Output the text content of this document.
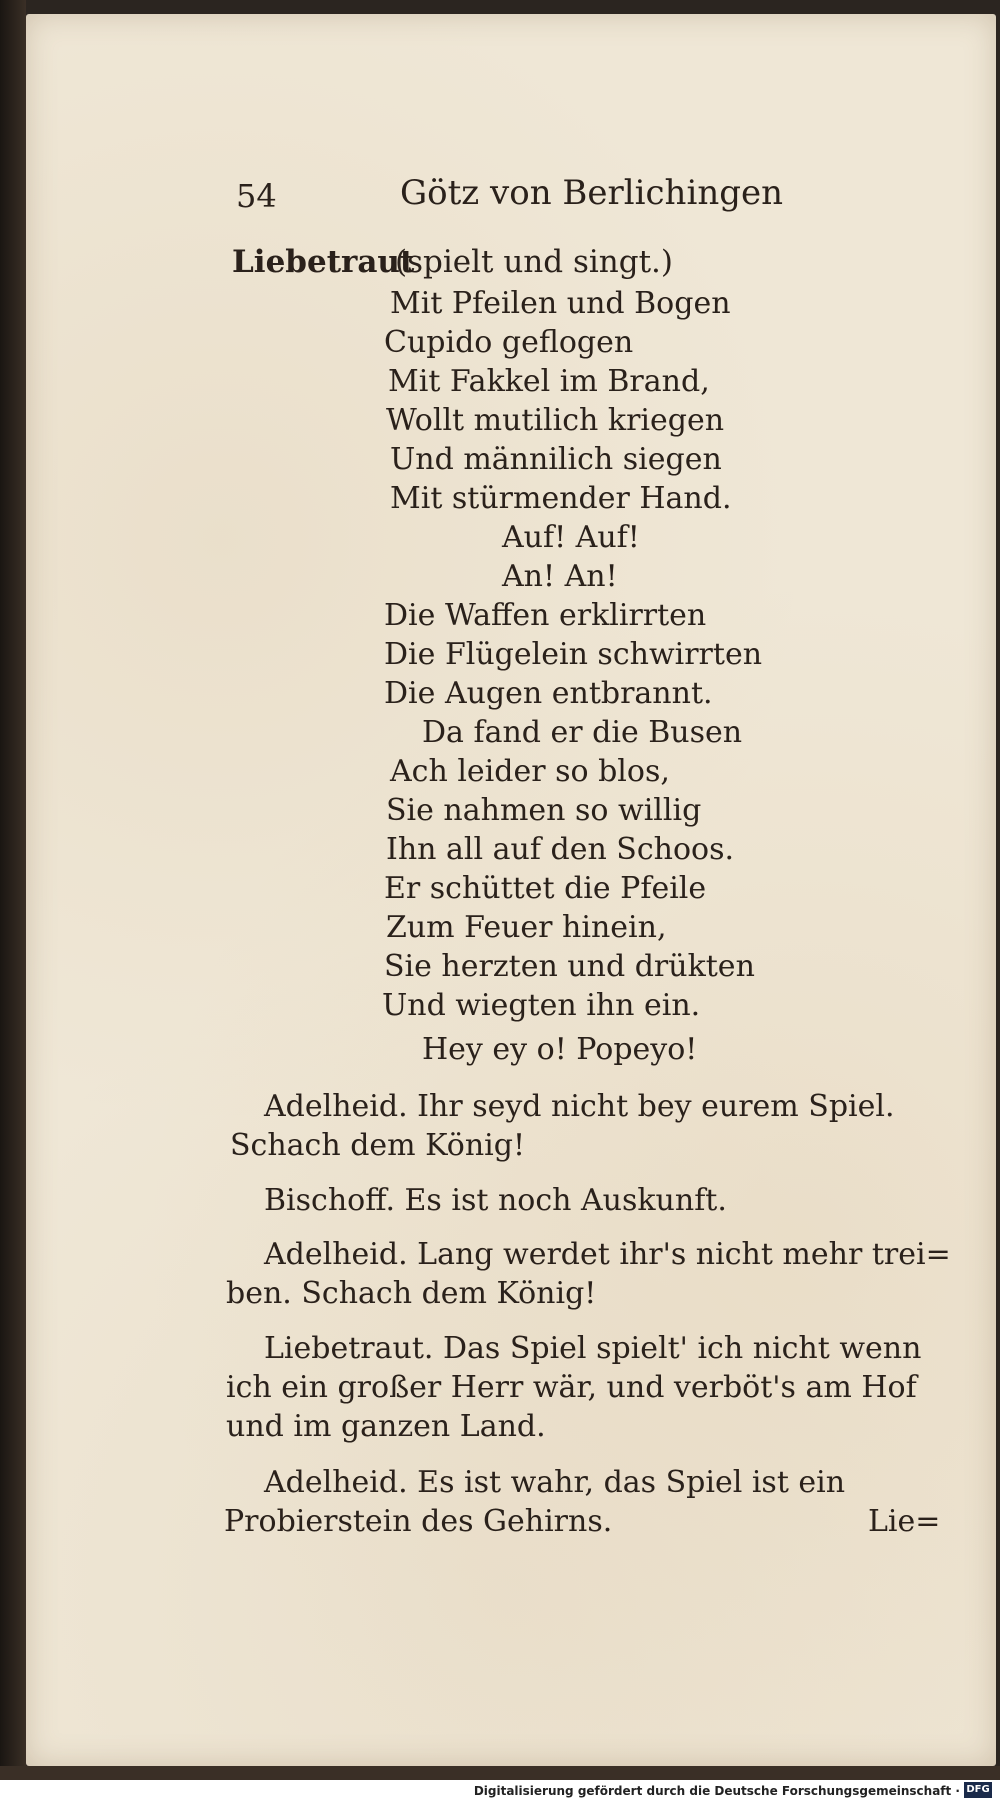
54	Götz von Berlichingen
Liebetraut
(spielt und singt.)
Mit Pfeilen und Bogen
Cupido geflogen
Mit Fakkel im Brand,
Wollt mutilich kriegen
Und männilich siegen
Mit stürmender Hand.
Auf! Auf!
An! An!
Die Waffen erklirrten
Die Flügelein schwirrten
Die Augen entbrannt.
Da fand er die Busen
Ach leider so blos,
Sie nahmen so willig
Ihn all auf den Schoos.
Er schüttet die Pfeile
Zum Feuer hinein,
Sie herzten und drükten
Und wiegten ihn ein.
Hey ey o! Popeyo!
Adelheid. Ihr seyd nicht bey eurem Spiel.
Schach dem König!
Bischoff. Es ist noch Auskunft.
Adelheid. Lang werdet ihr's nicht mehr trei=
ben. Schach dem König!
Liebetraut. Das Spiel spielt' ich nicht wenn
ich ein großer Herr wär, und verböt's am Hof
und im ganzen Land.
Adelheid. Es ist wahr, das Spiel ist ein
Probierstein des Gehirns.	Lie=
Digitalisierung gefördert durch die Deutsche Forschungsgemeinschaft · DFG
